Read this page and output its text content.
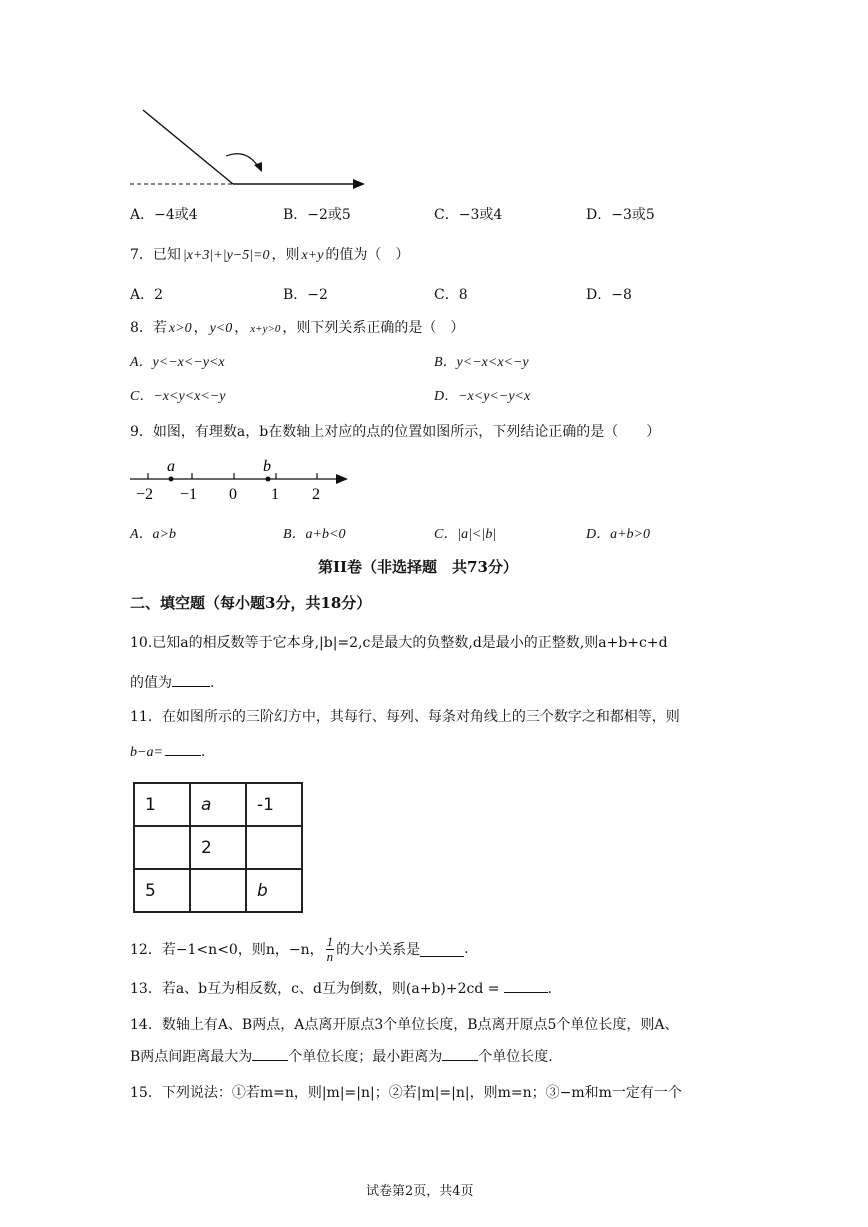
A．−4或4	B．−2或5	C．−3或4	D．−3或5
7．已知 |x+3|+|y−5|=0 ，则 x+y 的值为（　）
A．2	B．−2	C．8	D．−8
8．若 x>0 ， y<0 ， x+y>0 ，则下列关系正确的是（　）
A．y<−x<−y<x	B．y<−x<x<−y
C．−x<y<x<−y	D．−x<y<−y<x
9．如图，有理数a，b在数轴上对应的点的位置如图所示，下列结论正确的是（　　）
a	b
−2 −1 0 1 2
A．a>b	B．a+b<0	C．|a|<|b|	D．a+b>0
第II卷（非选择题　共73分）
二、填空题（每小题3分，共18分）
10.已知a的相反数等于它本身,|b|=2,c是最大的负整数,d是最小的正整数,则a+b+c+d
的值为	.
11．在如图所示的三阶幻方中，其每行、每列、每条对角线上的三个数字之和都相等，则
b−a=	.
1	a	-1
	2	
5		b
12．若−1<n<0，则n，−n， $\frac{1}{n}$ 的大小关系是	.
13．若a、b互为相反数，c、d互为倒数，则(a+b)+2cd =	.
14．数轴上有A、B两点，A点离开原点3个单位长度，B点离开原点5个单位长度，则A、
B两点间距离最大为	个单位长度；最小距离为	个单位长度.
15．下列说法：①若m=n，则|m|=|n|；②若|m|=|n|，则m=n；③−m和m一定有一个
试卷第2页，共4页
